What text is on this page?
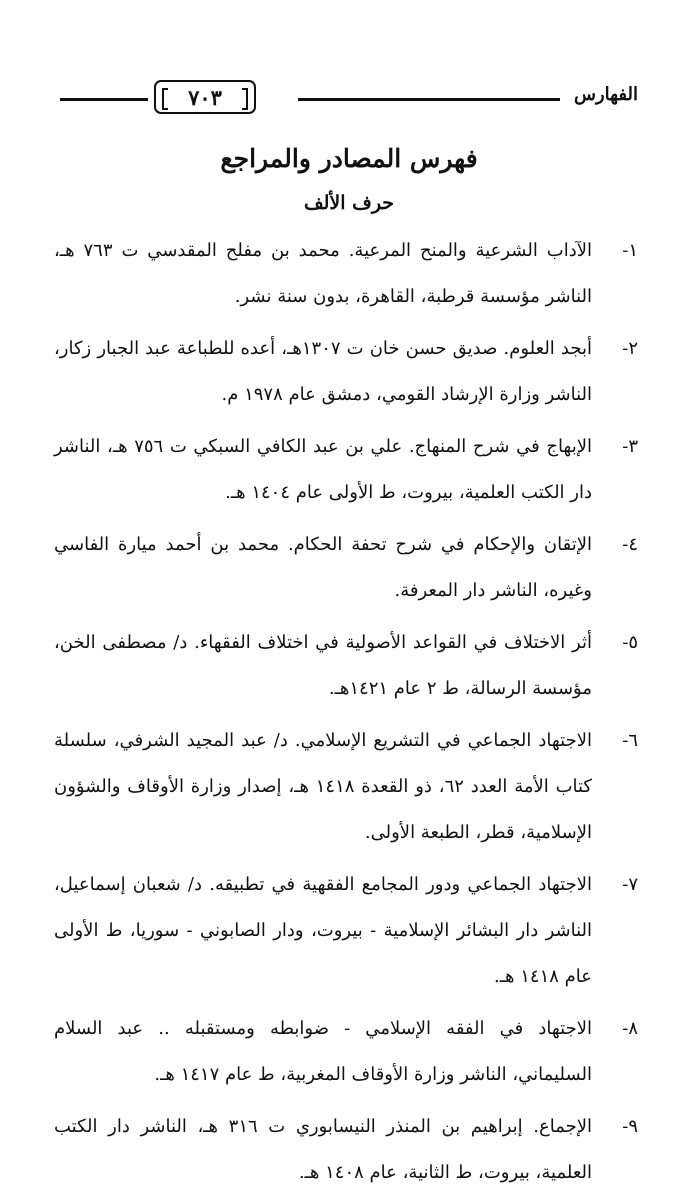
الفهارس
٧٠٣
فهرس المصادر والمراجع
حرف الألف
١-
الآداب الشرعية والمنح المرعية. محمد بن مفلح المقدسي ت ٧٦٣ هـ، الناشر مؤسسة قرطبة، القاهرة، بدون سنة نشر.
٢-
أبجد العلوم. صديق حسن خان ت ١٣٠٧هـ، أعده للطباعة عبد الجبار زكار، الناشر وزارة الإرشاد القومي، دمشق عام ١٩٧٨ م.
٣-
الإبهاج في شرح المنهاج. علي بن عبد الكافي السبكي ت ٧٥٦ هـ، الناشر دار الكتب العلمية، بيروت، ط الأولى عام ١٤٠٤ هـ.
٤-
الإتقان والإحكام في شرح تحفة الحكام. محمد بن أحمد ميارة الفاسي وغيره، الناشر دار المعرفة.
٥-
أثر الاختلاف في القواعد الأصولية في اختلاف الفقهاء. د/ مصطفى الخن، مؤسسة الرسالة، ط ٢ عام ١٤٢١هـ.
٦-
الاجتهاد الجماعي في التشريع الإسلامي. د/ عبد المجيد الشرفي، سلسلة كتاب الأمة العدد ٦٢، ذو القعدة ١٤١٨ هـ، إصدار وزارة الأوقاف والشؤون الإسلامية، قطر، الطبعة الأولى.
٧-
الاجتهاد الجماعي ودور المجامع الفقهية في تطبيقه. د/ شعبان إسماعيل، الناشر دار البشائر الإسلامية - بيروت، ودار الصابوني - سوريا، ط الأولى عام ١٤١٨ هـ.
٨-
الاجتهاد في الفقه الإسلامي - ضوابطه ومستقبله .. عبد السلام السليماني، الناشر وزارة الأوقاف المغربية، ط عام ١٤١٧ هـ.
٩-
الإجماع. إبراهيم بن المنذر النيسابوري ت ٣١٦ هـ، الناشر دار الكتب العلمية، بيروت، ط الثانية، عام ١٤٠٨ هـ.
